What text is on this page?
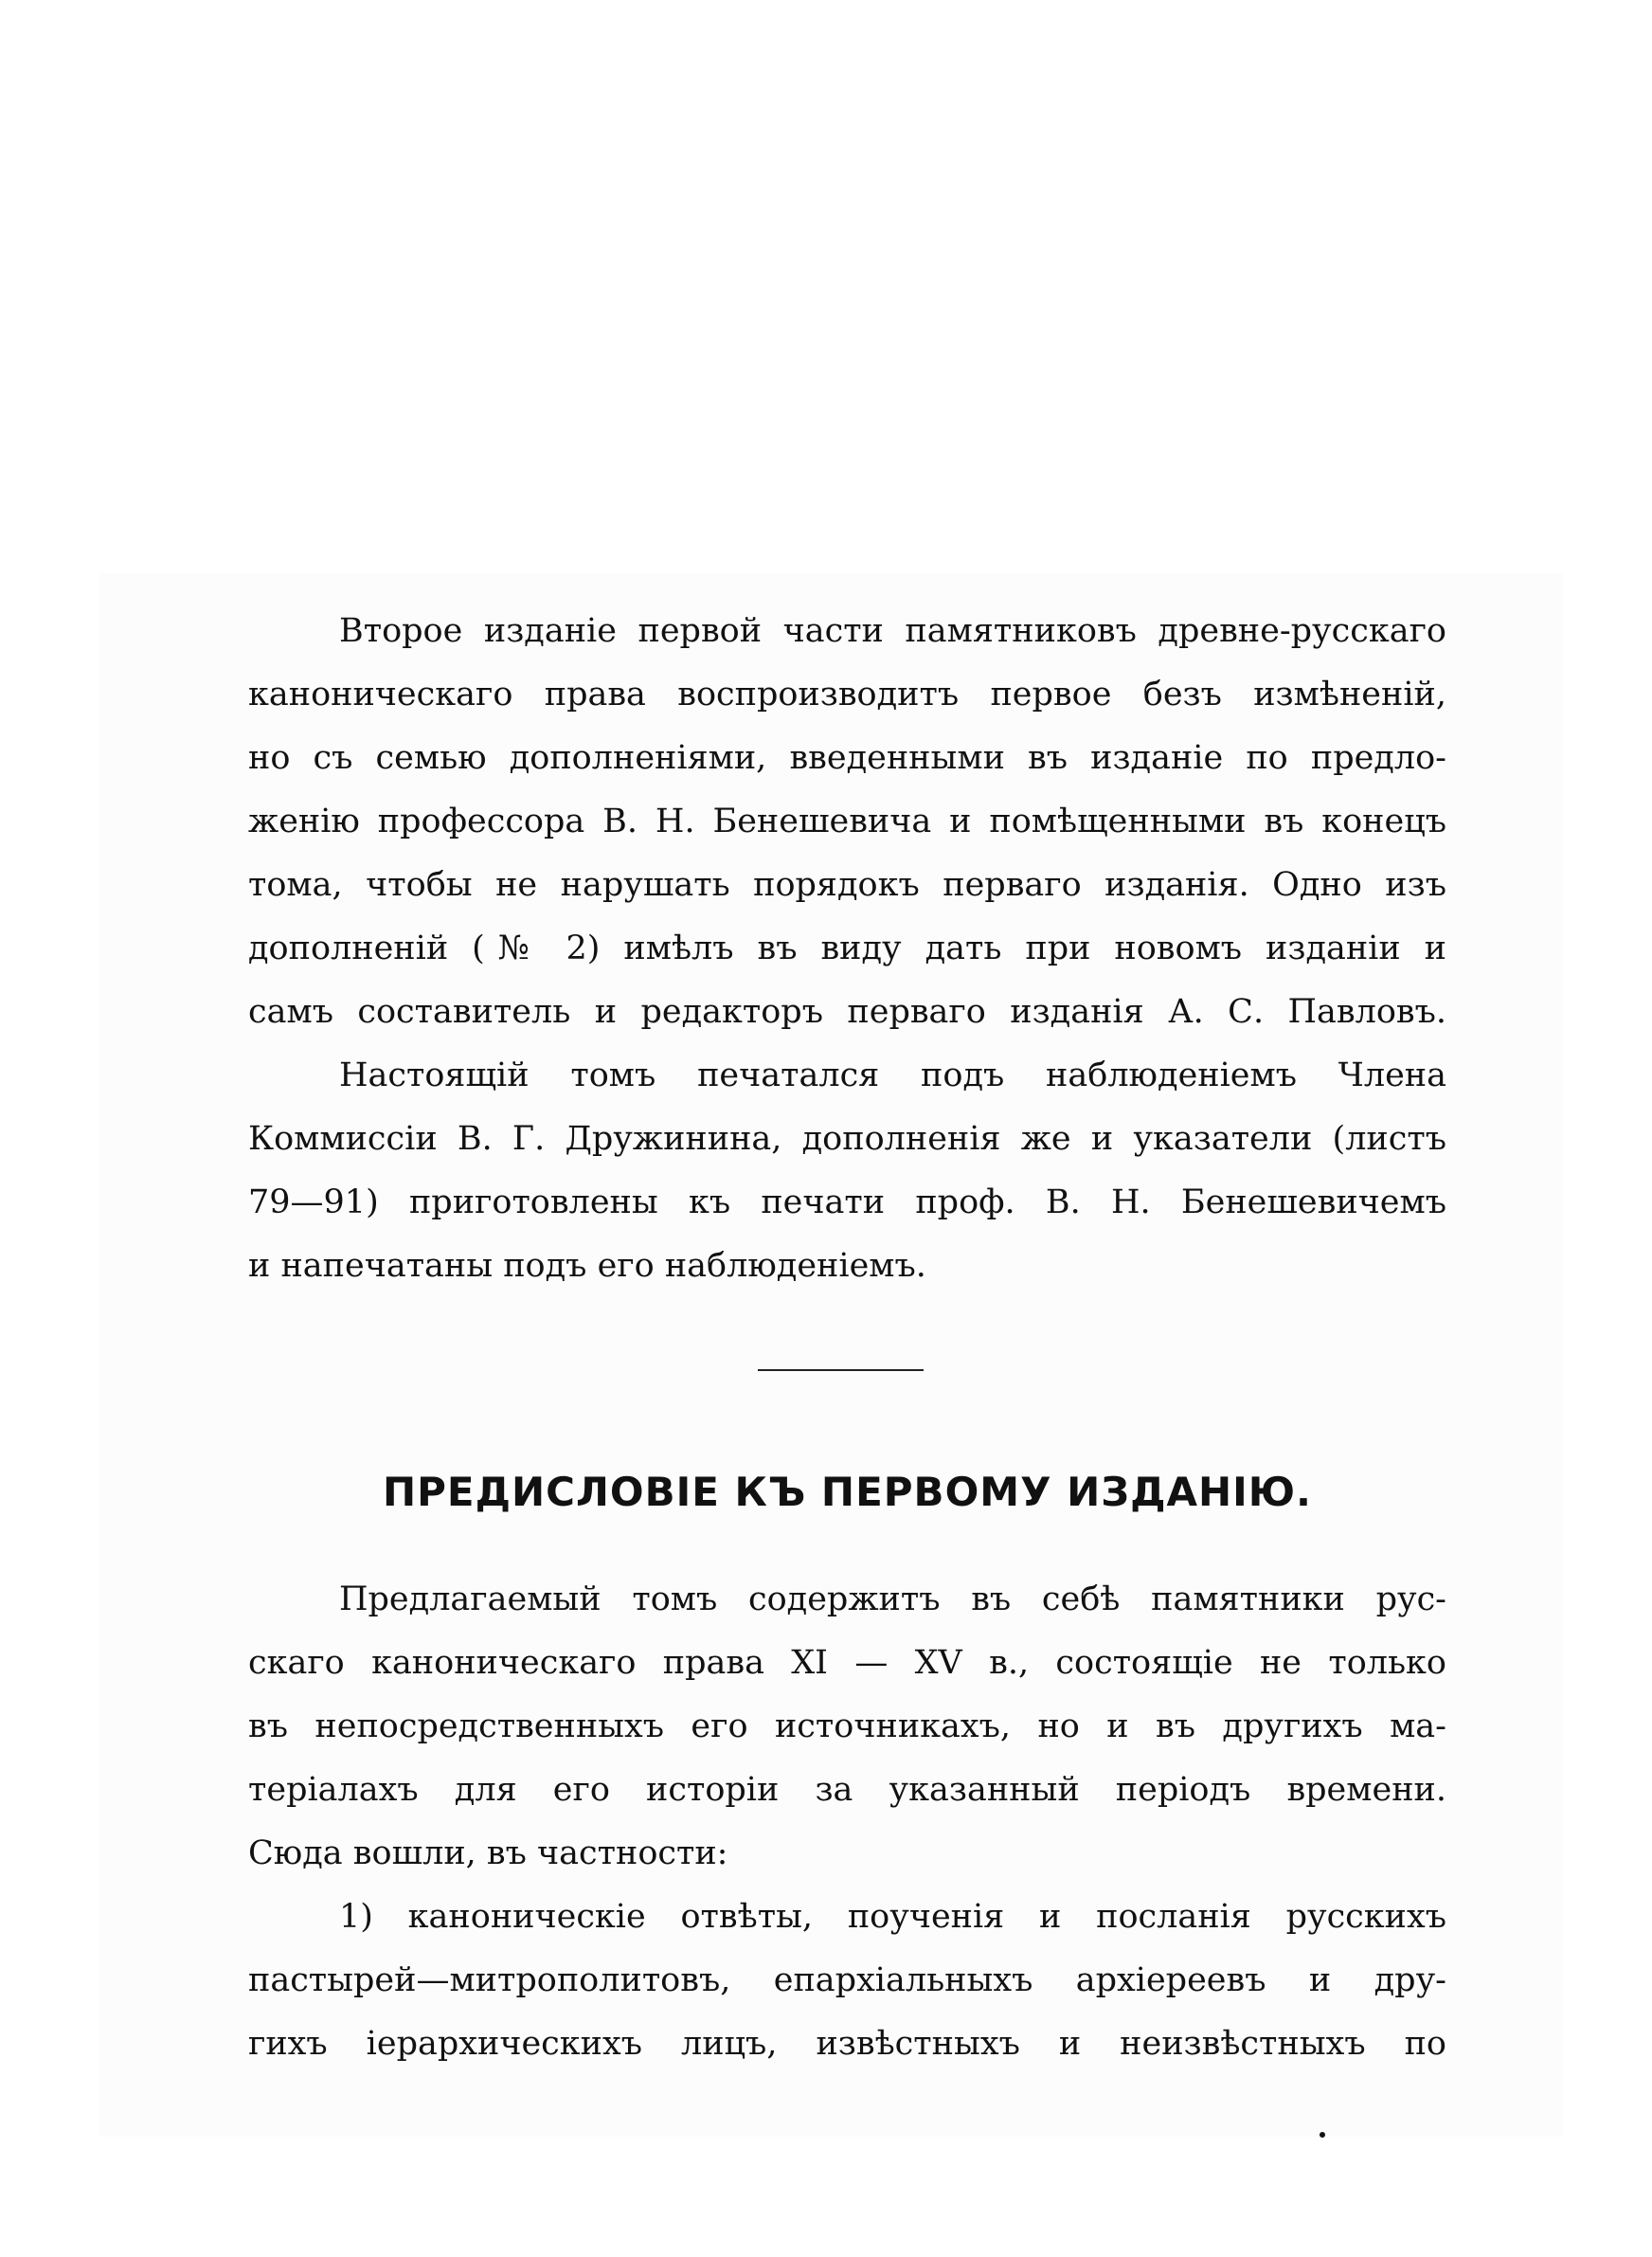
Второе изданіе первой части памятниковъ древне-русскаго
каноническаго права воспроизводитъ первое безъ измѣненій,
но съ семью дополненіями, введенными въ изданіе по предло-
женію профессора В. Н. Бенешевича и помѣщенными въ конецъ
тома, чтобы не нарушать порядокъ перваго изданія. Одно изъ
дополненій (№ 2) имѣлъ въ виду дать при новомъ изданіи и
самъ составитель и редакторъ перваго изданія А. С. Павловъ.
Настоящій томъ печатался подъ наблюденіемъ Члена
Коммиссіи В. Г. Дружинина, дополненія же и указатели (листъ
79—91) приготовлены къ печати проф. В. Н. Бенешевичемъ
и напечатаны подъ его наблюденіемъ.
ПРЕДИСЛОВІЕ КЪ ПЕРВОМУ ИЗДАНІЮ.
Предлагаемый томъ содержитъ въ себѣ памятники рус-
скаго каноническаго права XI — XV в., состоящіе не только
въ непосредственныхъ его источникахъ, но и въ другихъ ма-
теріалахъ для его исторіи за указанный періодъ времени.
Сюда вошли, въ частности:
1) каноническіе отвѣты, поученія и посланія русскихъ
пастырей—митрополитовъ, епархіальныхъ архіереевъ и дру-
гихъ іерархическихъ лицъ, извѣстныхъ и неизвѣстныхъ по
